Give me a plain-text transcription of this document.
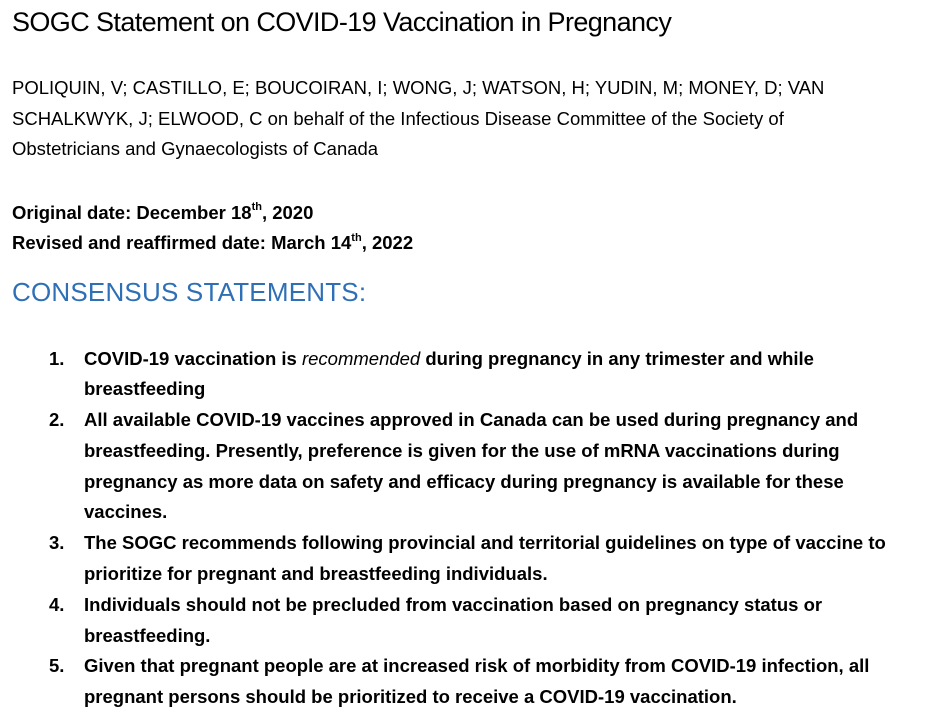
SOGC Statement on COVID-19 Vaccination in Pregnancy

POLIQUIN, V; CASTILLO, E; BOUCOIRAN, I; WONG, J; WATSON, H; YUDIN, M; MONEY, D; VAN SCHALKWYK, J; ELWOOD, C on behalf of the Infectious Disease Committee of the Society of Obstetricians and Gynaecologists of Canada

Original date: December 18th, 2020
Revised and reaffirmed date: March 14th, 2022
CONSENSUS STATEMENTS:
1. COVID-19 vaccination is recommended during pregnancy in any trimester and while breastfeeding
2. All available COVID-19 vaccines approved in Canada can be used during pregnancy and breastfeeding. Presently, preference is given for the use of mRNA vaccinations during pregnancy as more data on safety and efficacy during pregnancy is available for these vaccines.
3. The SOGC recommends following provincial and territorial guidelines on type of vaccine to prioritize for pregnant and breastfeeding individuals.
4. Individuals should not be precluded from vaccination based on pregnancy status or breastfeeding.
5. Given that pregnant people are at increased risk of morbidity from COVID-19 infection, all pregnant persons should be prioritized to receive a COVID-19 vaccination.
